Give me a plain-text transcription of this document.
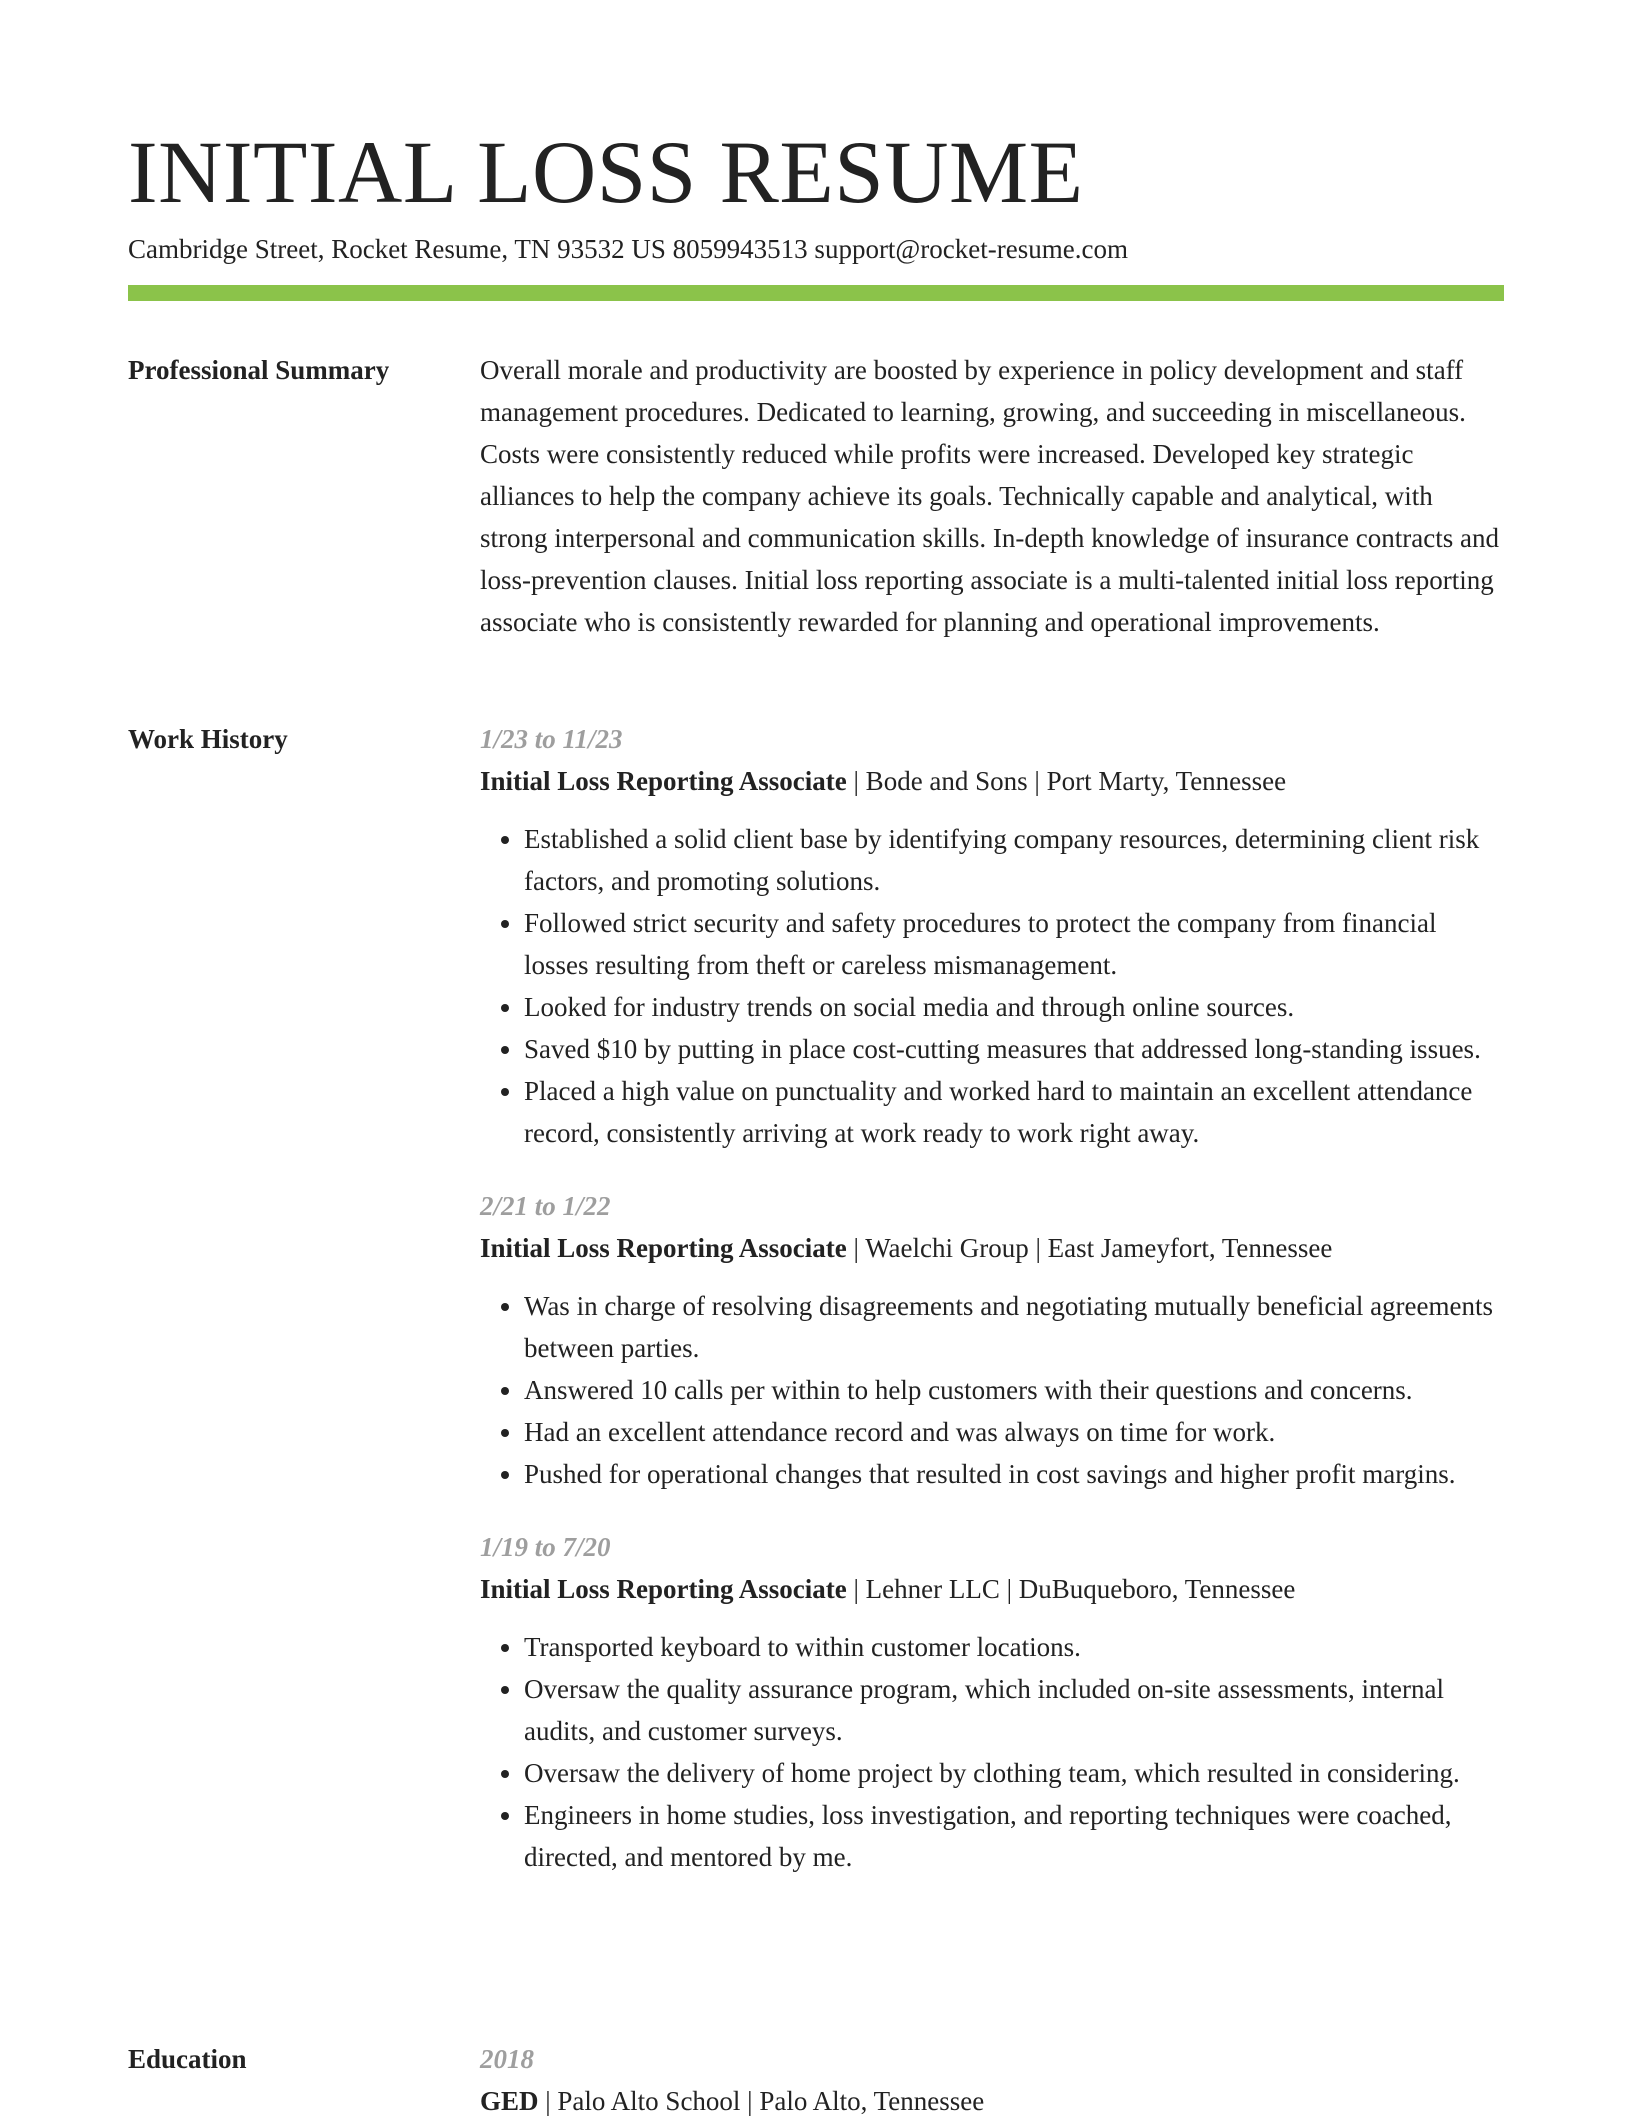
INITIAL LOSS RESUME
Cambridge Street, Rocket Resume, TN 93532 US 8059943513 support@rocket-resume.com
Professional Summary	Overall morale and productivity are boosted by experience in policy development and staff management procedures. Dedicated to learning, growing, and succeeding in miscellaneous. Costs were consistently reduced while profits were increased. Developed key strategic alliances to help the company achieve its goals. Technically capable and analytical, with strong interpersonal and communication skills. In-depth knowledge of insurance contracts and loss-prevention clauses. Initial loss reporting associate is a multi-talented initial loss reporting associate who is consistently rewarded for planning and operational improvements.

Work History	1/23 to 11/23
Initial Loss Reporting Associate | Bode and Sons | Port Marty, Tennessee
• Established a solid client base by identifying company resources, determining client risk factors, and promoting solutions.
• Followed strict security and safety procedures to protect the company from financial losses resulting from theft or careless mismanagement.
• Looked for industry trends on social media and through online sources.
• Saved $10 by putting in place cost-cutting measures that addressed long-standing issues.
• Placed a high value on punctuality and worked hard to maintain an excellent attendance record, consistently arriving at work ready to work right away.
2/21 to 1/22
Initial Loss Reporting Associate | Waelchi Group | East Jameyfort, Tennessee
• Was in charge of resolving disagreements and negotiating mutually beneficial agreements between parties.
• Answered 10 calls per within to help customers with their questions and concerns.
• Had an excellent attendance record and was always on time for work.
• Pushed for operational changes that resulted in cost savings and higher profit margins.
1/19 to 7/20
Initial Loss Reporting Associate | Lehner LLC | DuBuqueboro, Tennessee
• Transported keyboard to within customer locations.
• Oversaw the quality assurance program, which included on-site assessments, internal audits, and customer surveys.
• Oversaw the delivery of home project by clothing team, which resulted in considering.
• Engineers in home studies, loss investigation, and reporting techniques were coached, directed, and mentored by me.
Education	2018
GED | Palo Alto School | Palo Alto, Tennessee
